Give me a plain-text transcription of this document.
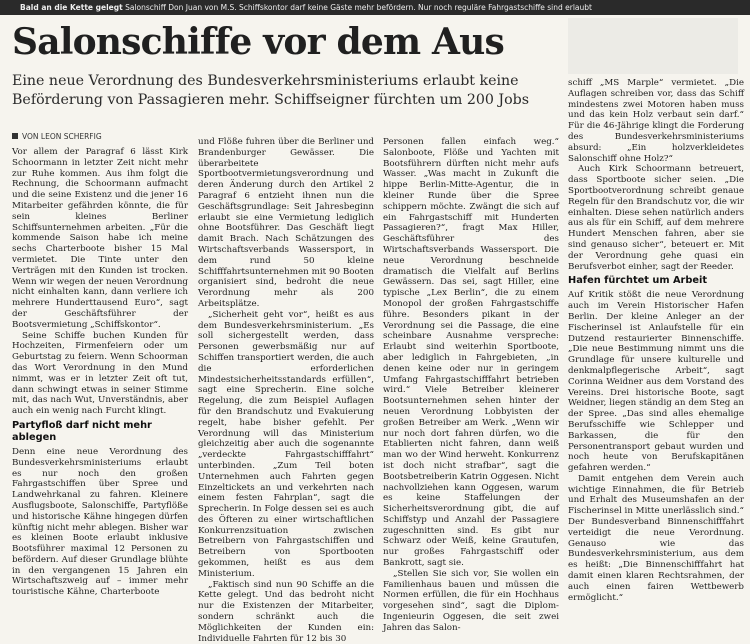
Bald an die Kette gelegt Salonschiff Don Juan von M.S. Schiffskontor darf keine Gäste mehr befördern. Nur noch reguläre Fahrgastschiffe sind erlaubt
Salonschiffe vor dem Aus

Eine neue Verordnung des Bundesverkehrsministeriums erlaubt keine Beförderung von Passagieren mehr. Schiffseigner fürchten um 200 Jobs

VON LEON SCHERFIG

Vor allem der Paragraf 6 lässt Kirk Schoormann in letzter Zeit nicht mehr zur Ruhe kommen. Aus ihm folgt die Rechnung, die Schoormann aufmacht und die seine Existenz und die jener 16 Mitarbeiter gefährden könnte, die für sein kleines Berliner Schiffsunternehmen arbeiten. „Für die kommende Saison habe ich meine sechs Charterboote bisher 15 Mal vermietet. Die Tinte unter den Verträgen mit den Kunden ist trocken. Wenn wir wegen der neuen Verordnung nicht einhalten kann, dann verliere ich mehrere Hunderttausend Euro“, sagt der Geschäftsführer der Bootsvermietung „Schiffskontor“.

Seine Schiffe buchen Kunden für Hochzeiten, Firmenfeiern oder um Geburtstag zu feiern. Wenn Schoorman das Wort Verordnung in den Mund nimmt, was er in letzter Zeit oft tut, dann schwingt etwas in seiner Stimme mit, das nach Wut, Unverständnis, aber auch ein wenig nach Furcht klingt.

Partyfloß darf nicht mehr ablegen

Denn eine neue Verordnung des Bundesverkehrsministeriums erlaubt es nur noch den großen Fahrgastschiffen über Spree und Landwehrkanal zu fahren. Kleinere Ausflugsboote, Salonschiffe, Partyflöße und historische Kähne hingegen dürfen künftig nicht mehr ablegen. Bisher war es kleinen Boote erlaubt inklusive Bootsführer maximal 12 Personen zu befördern. Auf dieser Grundlage blühte in den vergangenen 15 Jahren ein Wirtschaftszweig auf – immer mehr touristische Kähne, Charterboote

und Flöße fuhren über die Berliner und Brandenburger Gewässer. Die überarbeitete Sportbootvermietungsverordnung und deren Änderung durch den Artikel 2 Paragraf 6 entzieht ihnen nun die Geschäftsgrundlage: Seit Jahresbeginn erlaubt sie eine Vermietung lediglich ohne Bootsführer. Das Geschäft liegt damit Brach. Nach Schätzungen des Wirtschaftsverbands Wassersport, in dem rund 50 kleine Schifffahrtsunternehmen mit 90 Booten organisiert sind, bedroht die neue Verordnung mehr als 200 Arbeitsplätze.

„Sicherheit geht vor“, heißt es aus dem Bundesverkehrsministerium. „Es soll sichergestellt werden, dass Personen gewerbsmäßig nur auf Schiffen transportiert werden, die auch die erforderlichen Mindestsicherheitsstandards erfüllen“, sagt eine Sprecherin. Eine solche Regelung, die zum Beispiel Auflagen für den Brandschutz und Evakuierung regelt, habe bisher gefehlt. Per Verordnung will das Ministerium gleichzeitig aber auch die sogenannte „verdeckte Fahrgastschifffahrt“ unterbinden. „Zum Teil boten Unternehmen auch Fahrten gegen Einzeltickets an und verkehrten nach einem festen Fahrplan“, sagt die Sprecherin. In Folge dessen sei es auch des Öfteren zu einer wirtschaftlichen Konkurrenzsituation zwischen Betreibern von Fahrgastschiffen und Betreibern von Sportbooten gekommen, heißt es aus dem Ministerium.

„Faktisch sind nun 90 Schiffe an die Kette gelegt. Und das bedroht nicht nur die Existenzen der Mitarbeiter, sondern schränkt auch die Möglichkeiten der Kunden ein: Individuelle Fahrten für 12 bis 30

Personen fallen einfach weg.“ Salonboote, Flöße und Yachten mit Bootsführern dürften nicht mehr aufs Wasser. „Was macht in Zukunft die hippe Berlin-Mitte-Agentur, die in kleiner Runde über die Spree schippern möchte. Zwängt die sich auf ein Fahrgastschiff mit Hunderten Passagieren?“, fragt Max Hiller, Geschäftsführer des Wirtschaftsverbands Wassersport. Die neue Verordnung beschneide dramatisch die Vielfalt auf Berlins Gewässern. Das sei, sagt Hiller, eine typische „Lex Berlin“, die zu einem Monopol der großen Fahrgastschiffe führe. Besonders pikant in der Verordnung sei die Passage, die eine scheinbare Ausnahme verspreche: Erlaubt sind weiterhin Sportboote, aber lediglich in Fahrgebieten, „in denen keine oder nur in geringem Umfang Fahrgastschifffahrt betrieben wird.“ Viele Betreiber kleinerer Bootsunternehmen sehen hinter der neuen Verordnung Lobbyisten der großen Betreiber am Werk. „Wenn wir nur noch dort fahren dürfen, wo die Etablierten nicht fahren, dann weiß man wo der Wind herweht. Konkurrenz ist doch nicht strafbar“, sagt die Bootsbetreiberin Katrin Oggesen. Nicht nachvollziehen kann Oggesen, warum es keine Staffelungen der Sicherheitsverordnung gibt, die auf Schiffstyp und Anzahl der Passagiere zugeschnitten sind. Es gibt nur Schwarz oder Weiß, keine Grautufen, nur großes Fahrgastschiff oder Bankrott, sagt sie.

„Stellen Sie sich vor, Sie wollen ein Familienhaus bauen und müssen die Normen erfüllen, die für ein Hochhaus vorgesehen sind“, sagt die Diplom-Ingenieurin Oggesen, die seit zwei Jahren das Salon-

schiff „MS Marple“ vermietet. „Die Auflagen schreiben vor, dass das Schiff mindestens zwei Motoren haben muss und das kein Holz verbaut sein darf.“ Für die 46-Jährige klingt die Forderung des Bundesverkehrsministeriums absurd: „Ein holzverkleidetes Salonschiff ohne Holz?“

Auch Kirk Schoormann betreuert, dass Sportboote sicher seien. „Die Sportbootverordnung schreibt genaue Regeln für den Brandschutz vor, die wir einhalten. Diese sehen natürlich anders aus als für ein Schiff, auf dem mehrere Hundert Menschen fahren, aber sie sind genauso sicher“, beteuert er. Mit der Verordnung gehe quasi ein Berufsverbot einher, sagt der Reeder.

Hafen fürchtet um Arbeit

Auf Kritik stößt die neue Verordnung auch im Verein Historischer Hafen Berlin. Der kleine Anleger an der Fischerinsel ist Anlaufstelle für ein Dutzend restaurierter Binnenschiffe. „Die neue Bestimmung nimmt uns die Grundlage für unsere kulturelle und denkmalpflegerische Arbeit“, sagt Corinna Weidner aus dem Vorstand des Vereins. Drei historische Boote, sagt Weidner, liegen ständig an dem Steg an der Spree. „Das sind alles ehemalige Berufsschiffe wie Schlepper und Barkassen, die für den Personentransport gebaut wurden und noch heute von Berufskapitänen gefahren werden.“

Damit entgehen dem Verein auch wichtige Einnahmen, die für Betrieb und Erhalt des Museumshafen an der Fischerinsel in Mitte unerlässlich sind.“ Der Bundesverband Binnenschifffahrt verteidigt die neue Verordnung. Genauso wie das Bundesverkehrsministerium, aus dem es heißt: „Die Binnenschifffahrt hat damit einen klaren Rechtsrahmen, der auch einen fairen Wettbewerb ermöglicht.“
